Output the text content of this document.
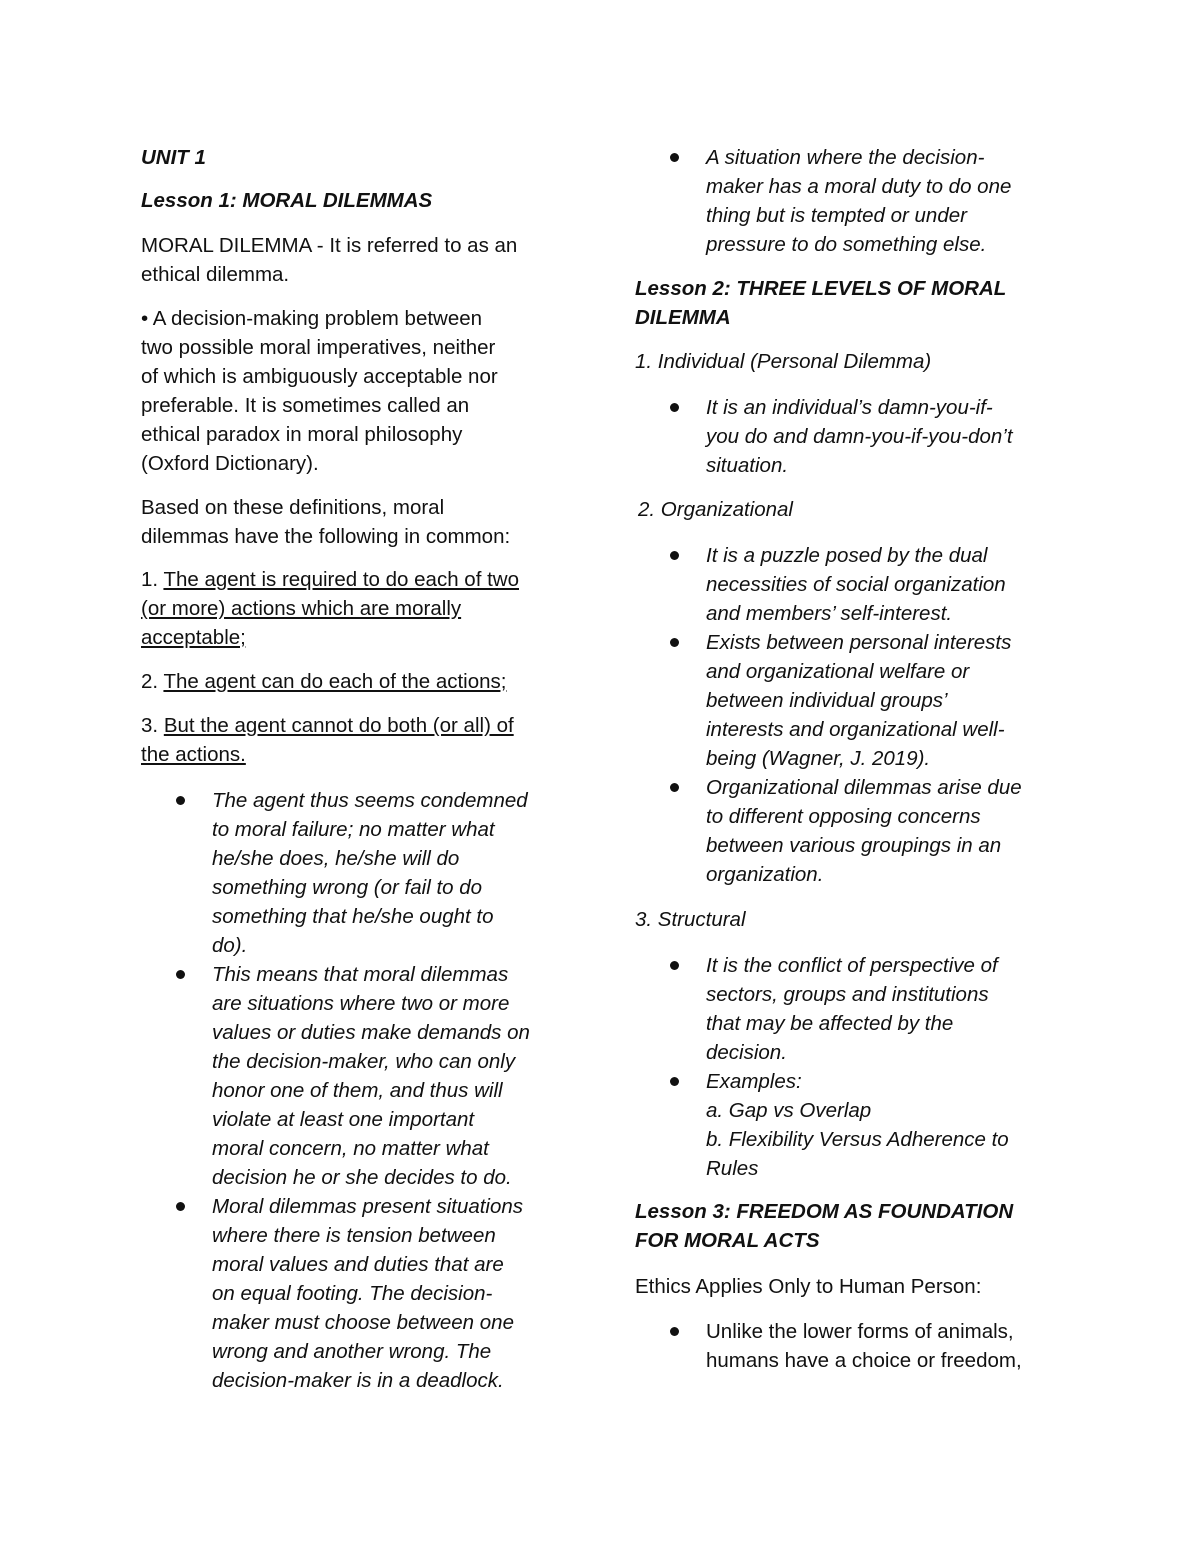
UNIT 1

Lesson 1: MORAL DILEMMAS

MORAL DILEMMA - It is referred to as an
ethical dilemma.

• A decision-making problem between
two possible moral imperatives, neither
of which is ambiguously acceptable nor
preferable. It is sometimes called an
ethical paradox in moral philosophy
(Oxford Dictionary).

Based on these definitions, moral
dilemmas have the following in common:

1. The agent is required to do each of two
(or more) actions which are morally
acceptable;

2. The agent can do each of the actions;

3. But the agent cannot do both (or all) of
the actions.

The agent thus seems condemned
to moral failure; no matter what
he/she does, he/she will do
something wrong (or fail to do
something that he/she ought to
do).
This means that moral dilemmas
are situations where two or more
values or duties make demands on
the decision-maker, who can only
honor one of them, and thus will
violate at least one important
moral concern, no matter what
decision he or she decides to do.
Moral dilemmas present situations
where there is tension between
moral values and duties that are
on equal footing. The decision-
maker must choose between one
wrong and another wrong. The
decision-maker is in a deadlock.
A situation where the decision-
maker has a moral duty to do one
thing but is tempted or under
pressure to do something else.

Lesson 2: THREE LEVELS OF MORAL
DILEMMA

1. Individual (Personal Dilemma)

It is an individual’s damn-you-if-
you do and damn-you-if-you-don’t
situation.

2. Organizational

It is a puzzle posed by the dual
necessities of social organization
and members’ self-interest.
Exists between personal interests
and organizational welfare or
between individual groups’
interests and organizational well-
being (Wagner, J. 2019).
Organizational dilemmas arise due
to different opposing concerns
between various groupings in an
organization.

3. Structural

It is the conflict of perspective of
sectors, groups and institutions
that may be affected by the
decision.
Examples:
a. Gap vs Overlap
b. Flexibility Versus Adherence to
Rules

Lesson 3: FREEDOM AS FOUNDATION
FOR MORAL ACTS

Ethics Applies Only to Human Person:

Unlike the lower forms of animals,
humans have a choice or freedom,
